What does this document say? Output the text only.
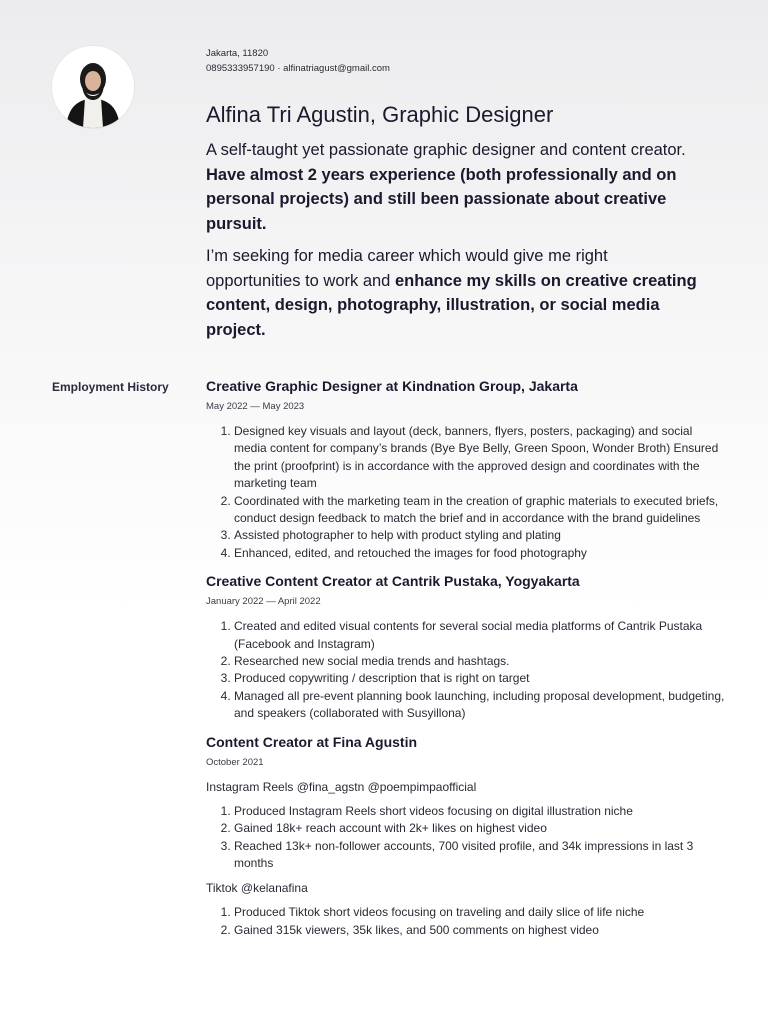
Jakarta, 11820
0895333957190 · alfinatriagust@gmail.com
Alfina Tri Agustin, Graphic Designer

A self-taught yet passionate graphic designer and content creator. Have almost 2 years experience (both professionally and on personal projects) and still been passionate about creative pursuit.

I’m seeking for media career which would give me right opportunities to work and enhance my skills on creative creating content, design, photography, illustration, or social media project.

Employment History	Creative Graphic Designer at Kindnation Group, Jakarta
May 2022 — May 2023
1. Designed key visuals and layout (deck, banners, flyers, posters, packaging) and social media content for company’s brands (Bye Bye Belly, Green Spoon, Wonder Broth) Ensured the print (proofprint) is in accordance with the approved design and coordinates with the marketing team
2. Coordinated with the marketing team in the creation of graphic materials to executed briefs, conduct design feedback to match the brief and in accordance with the brand guidelines
3. Assisted photographer to help with product styling and plating
4. Enhanced, edited, and retouched the images for food photography
Creative Content Creator at Cantrik Pustaka, Yogyakarta
January 2022 — April 2022
1. Created and edited visual contents for several social media platforms of Cantrik Pustaka (Facebook and Instagram)
2. Researched new social media trends and hashtags.
3. Produced copywriting / description that is right on target
4. Managed all pre-event planning book launching, including proposal development, budgeting, and speakers (collaborated with Susyillona)
Content Creator at Fina Agustin
October 2021
Instagram Reels @fina_agstn @poempimpaofficial
1. Produced Instagram Reels short videos focusing on digital illustration niche
2. Gained 18k+ reach account with 2k+ likes on highest video
3. Reached 13k+ non-follower accounts, 700 visited profile, and 34k impressions in last 3 months
Tiktok @kelanafina
1. Produced Tiktok short videos focusing on traveling and daily slice of life niche
2. Gained 315k viewers, 35k likes, and 500 comments on highest video
